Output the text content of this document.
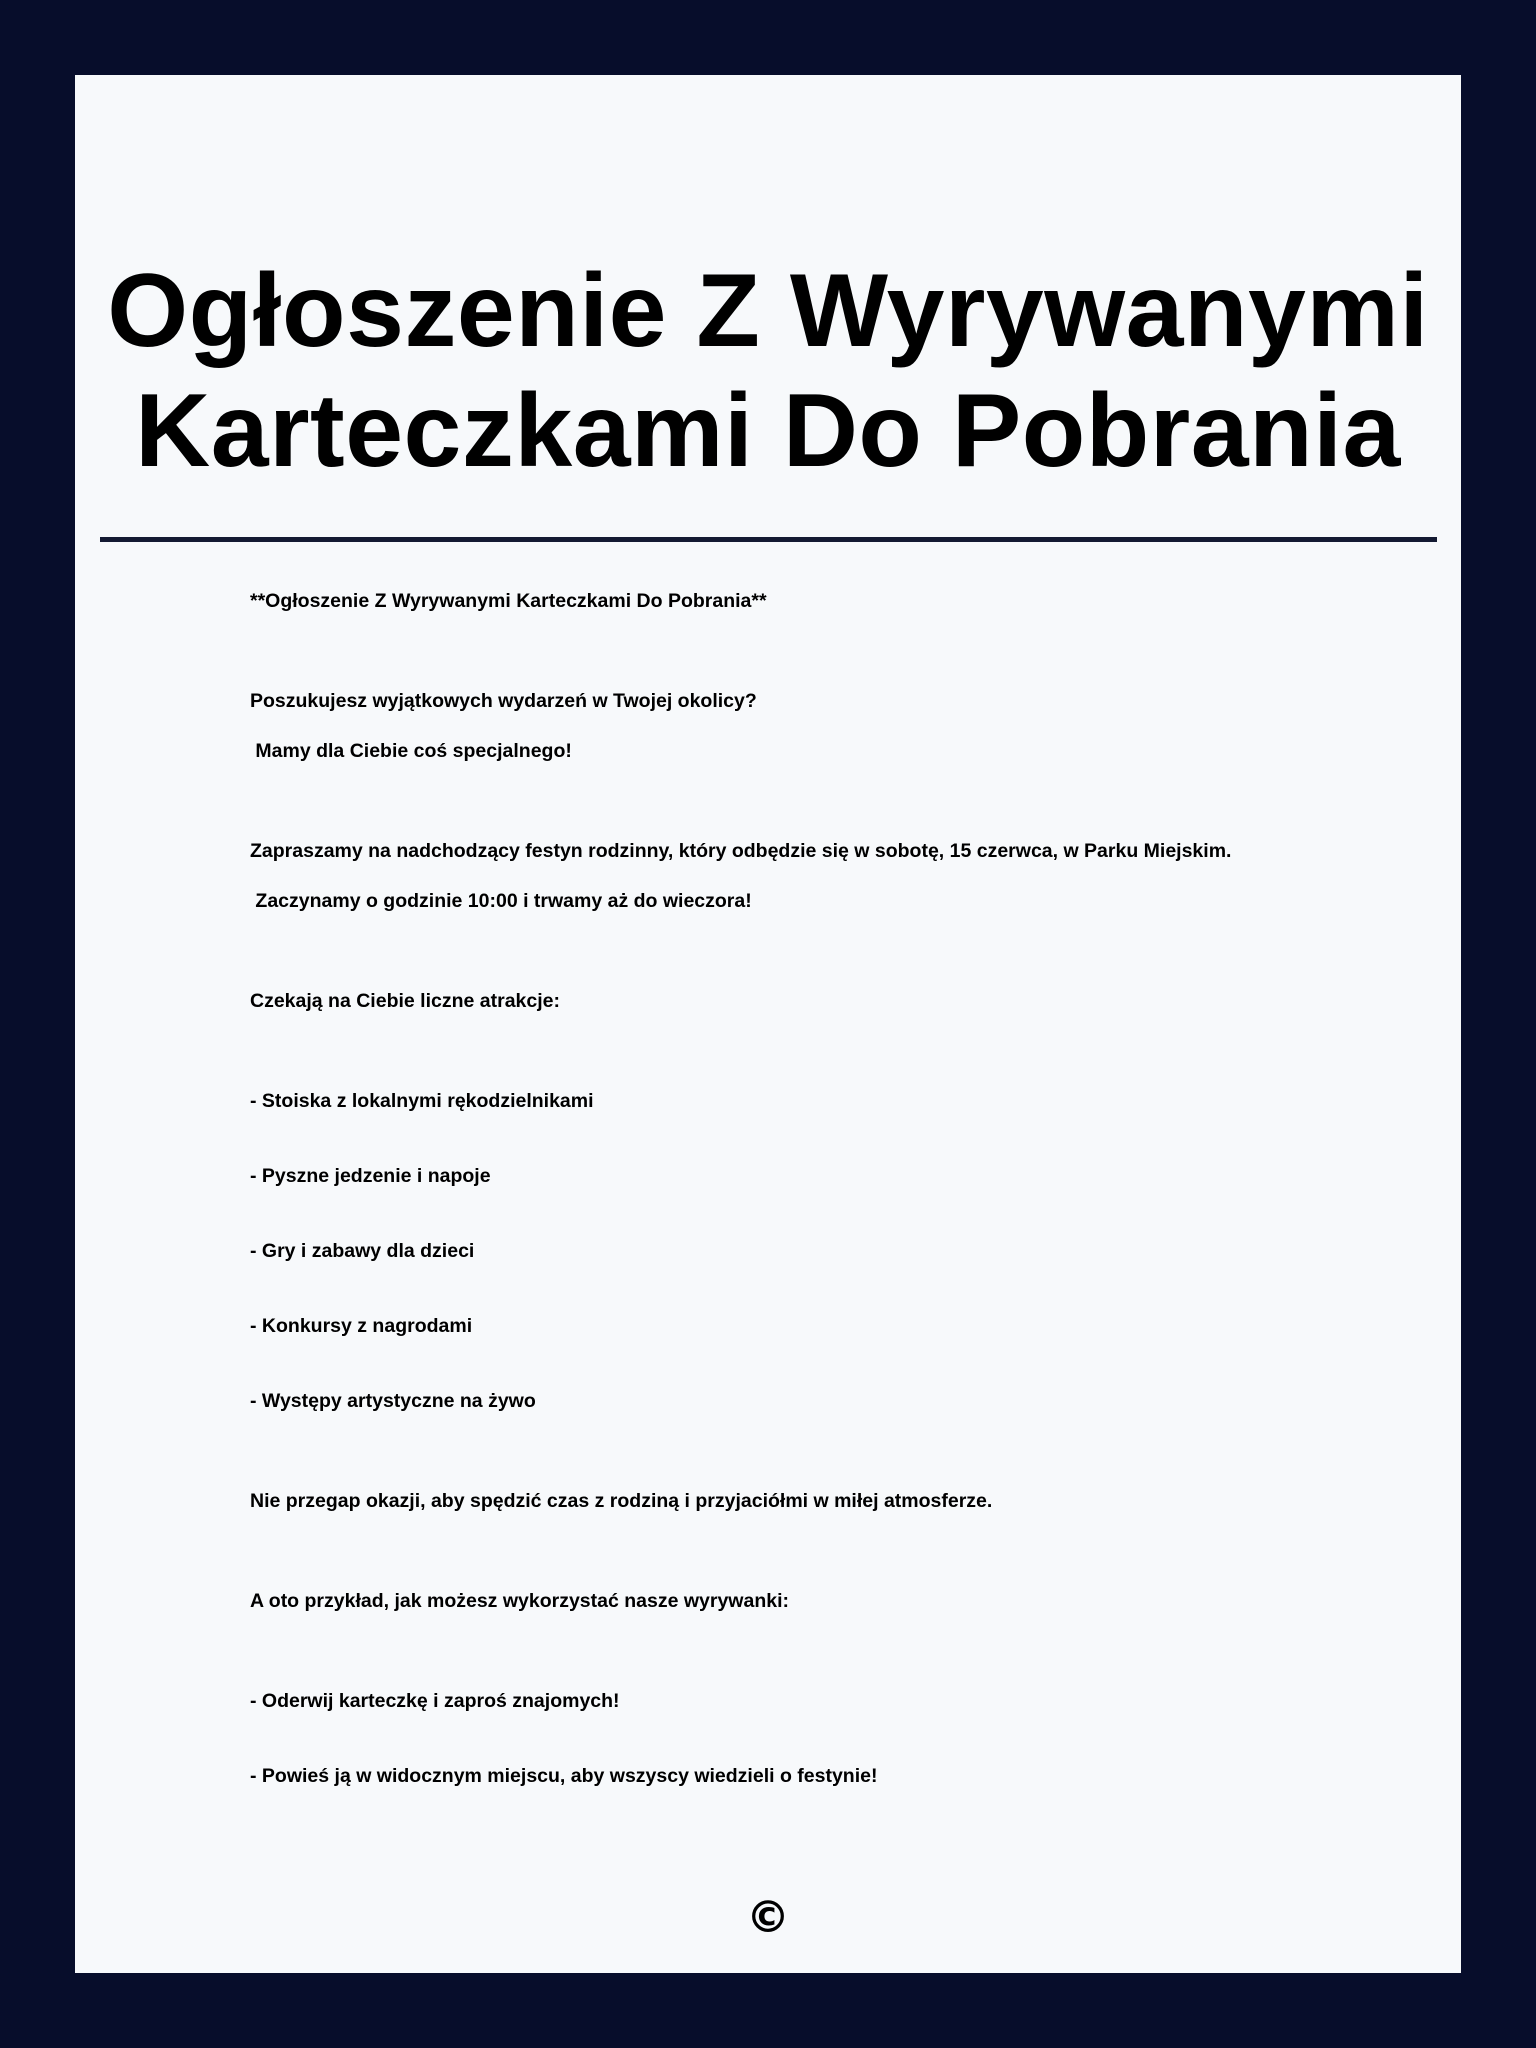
Ogłoszenie Z Wyrywanymi
Karteczkami Do Pobrania

**Ogłoszenie Z Wyrywanymi Karteczkami Do Pobrania**

Poszukujesz wyjątkowych wydarzeń w Twojej okolicy?

Mamy dla Ciebie coś specjalnego!

Zapraszamy na nadchodzący festyn rodzinny, który odbędzie się w sobotę, 15 czerwca, w Parku Miejskim.

Zaczynamy o godzinie 10:00 i trwamy aż do wieczora!

Czekają na Ciebie liczne atrakcje:

- Stoiska z lokalnymi rękodzielnikami

- Pyszne jedzenie i napoje

- Gry i zabawy dla dzieci

- Konkursy z nagrodami

- Występy artystyczne na żywo

Nie przegap okazji, aby spędzić czas z rodziną i przyjaciółmi w miłej atmosferze.

A oto przykład, jak możesz wykorzystać nasze wyrywanki:

- Oderwij karteczkę i zaproś znajomych!

- Powieś ją w widocznym miejscu, aby wszyscy wiedzieli o festynie!

©
